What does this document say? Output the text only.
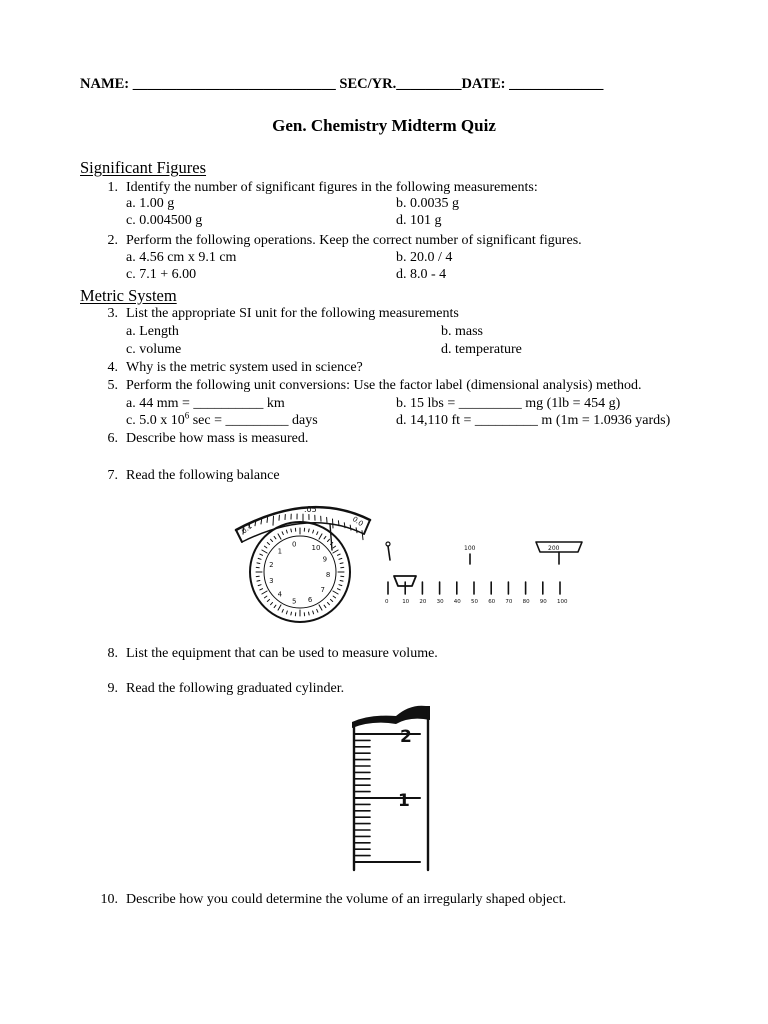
NAME: ____________________________ SEC/YR._________DATE: _____________
Gen. Chemistry Midterm Quiz
Significant Figures
1. Identify the number of significant figures in the following measurements:
a. 1.00 g	b. 0.0035 g
c. 0.004500 g	d. 101 g
2. Perform the following operations. Keep the correct number of significant figures.
a. 4.56 cm x 9.1 cm	b. 20.0 / 4
c. 7.1 + 6.00	d. 8.0 - 4
Metric System
3. List the appropriate SI unit for the following measurements
a. Length	b. mass
c. volume	d. temperature
4. Why is the metric system used in science?
5. Perform the following unit conversions: Use the factor label (dimensional analysis) method.
a. 44 mm = __________ km	b. 15 lbs = _________ mg (1lb = 454 g)
c. 5.0 x $10^6$ sec = _________ days	d. 14,110 ft = _________ m (1m = 1.0936 yards)
6. Describe how mass is measured.
7. Read the following balance
.05
0.1
0.0
10
9
8
7
6
5
4
3
2
1
0
100	200
0 10 20 30 40 50 60 70 80 90 100
8. List the equipment that can be used to measure volume.
9. Read the following graduated cylinder.
2
1
10. Describe how you could determine the volume of an irregularly shaped object.
